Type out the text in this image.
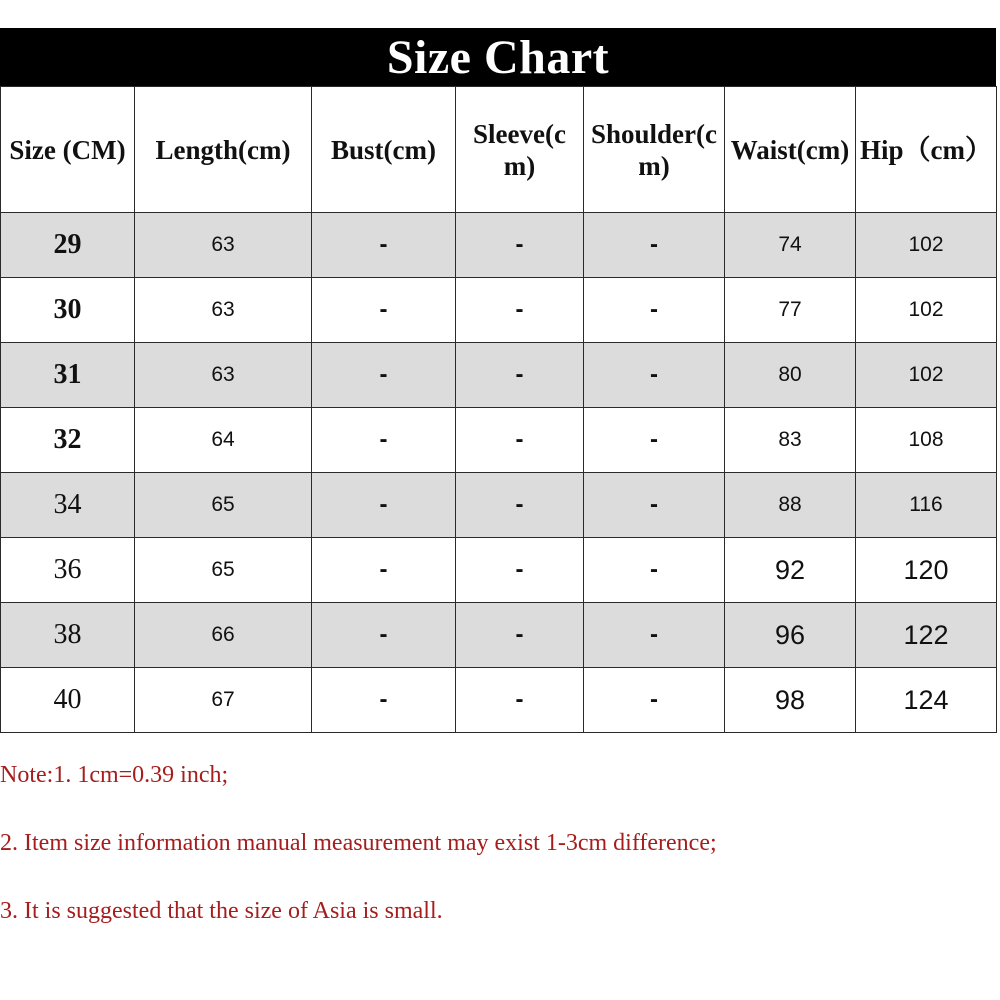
Size Chart
Size (CM)	Length(cm)	Bust(cm)	Sleeve(cm)	Shoulder(cm)	Waist(cm)	Hip（cm）

29	63	-	-	-	74	102
30	63	-	-	-	77	102
31	63	-	-	-	80	102
32	64	-	-	-	83	108
34	65	-	-	-	88	116
36	65	-	-	-	92	120
38	66	-	-	-	96	122
40	67	-	-	-	98	124
Note:1. 1cm=0.39 inch;
2. Item size information manual measurement may exist 1-3cm difference;
3. It is suggested that the size of Asia is small.
